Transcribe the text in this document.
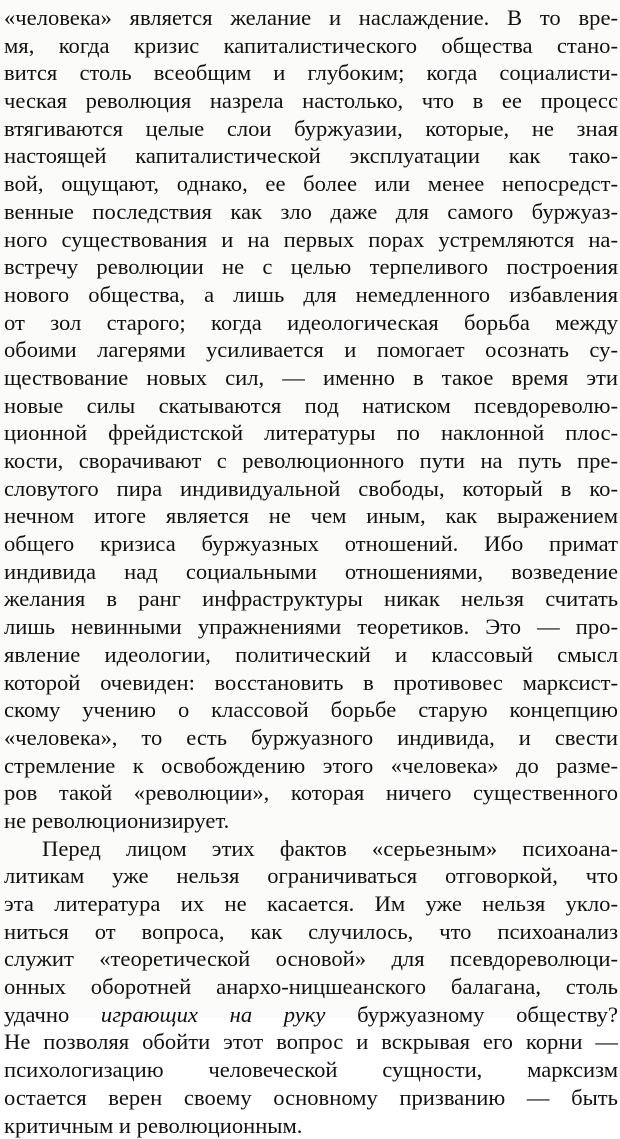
«человека» является желание и наслаждение. В то вре-
мя, когда кризис капиталистического общества стано-
вится столь всеобщим и глубоким; когда социалисти-
ческая революция назрела настолько, что в ее процесс
втягиваются целые слои буржуазии, которые, не зная
настоящей капиталистической эксплуатации как тако-
вой, ощущают, однако, ее более или менее непосредст-
венные последствия как зло даже для самого буржуаз-
ного существования и на первых порах устремляются на-
встречу революции не с целью терпеливого построения
нового общества, а лишь для немедленного избавления
от зол старого; когда идеологическая борьба между
обоими лагерями усиливается и помогает осознать су-
ществование новых сил, — именно в такое время эти
новые силы скатываются под натиском псевдореволю-
ционной фрейдистской литературы по наклонной плос-
кости, сворачивают с революционного пути на путь пре-
словутого пира индивидуальной свободы, который в ко-
нечном итоге является не чем иным, как выражением
общего кризиса буржуазных отношений. Ибо примат
индивида над социальными отношениями, возведение
желания в ранг инфраструктуры никак нельзя считать
лишь невинными упражнениями теоретиков. Это — про-
явление идеологии, политический и классовый смысл
которой очевиден: восстановить в противовес марксист-
скому учению о классовой борьбе старую концепцию
«человека», то есть буржуазного индивида, и свести
стремление к освобождению этого «человека» до разме-
ров такой «революции», которая ничего существенного
не революционизирует.
Перед лицом этих фактов «серьезным» психоана-
литикам уже нельзя ограничиваться отговоркой, что
эта литература их не касается. Им уже нельзя укло-
ниться от вопроса, как случилось, что психоанализ
служит «теоретической основой» для псевдореволюци-
онных оборотней анархо-ницшеанского балагана, столь
удачно играющих на руку буржуазному обществу?
Не позволяя обойти этот вопрос и вскрывая его корни —
психологизацию человеческой сущности, марксизм
остается верен своему основному призванию — быть
критичным и революционным.
